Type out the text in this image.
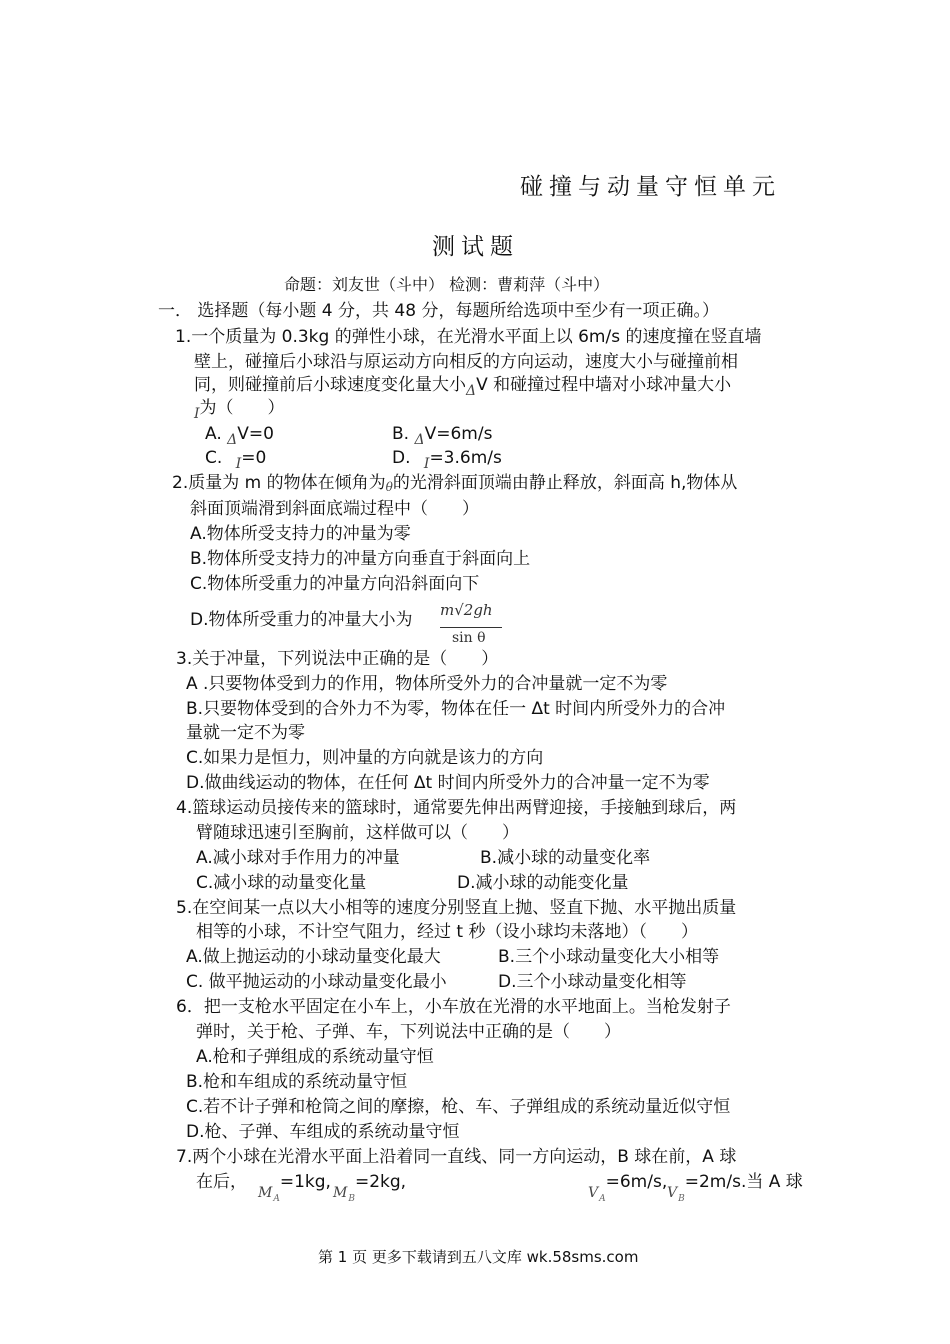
碰撞与动量守恒单元
测试题
命题：刘友世（斗中） 检测：曹莉萍（斗中）
一． 选择题（每小题 4 分，共 48 分，每题所给选项中至少有一项正确。）
1.一个质量为 0.3kg 的弹性小球，在光滑水平面上以 6m/s 的速度撞在竖直墙
壁上，碰撞后小球沿与原运动方向相反的方向运动，速度大小与碰撞前相
同，则碰撞前后小球速度变化量大小$_\Delta$V 和碰撞过程中墙对小球冲量大小
$_I$为（　　）
A. $_\Delta$V=0	B. $_\Delta$V=6m/s
C. $_I$=0	D. $_I$=3.6m/s
2.质量为 m 的物体在倾角为θ的光滑斜面顶端由静止释放，斜面高 h,物体从
斜面顶端滑到斜面底端过程中（　　）
A.物体所受支持力的冲量为零
B.物体所受支持力的冲量方向垂直于斜面向上
C.物体所受重力的冲量方向沿斜面向下
D.物体所受重力的冲量大小为 m√2gh
sin θ
3.关于冲量，下列说法中正确的是（　　）
A .只要物体受到力的作用，物体所受外力的合冲量就一定不为零
B.只要物体受到的合外力不为零，物体在任一 Δt 时间内所受外力的合冲
量就一定不为零
C.如果力是恒力，则冲量的方向就是该力的方向
D.做曲线运动的物体，在任何 Δt 时间内所受外力的合冲量一定不为零
4.篮球运动员接传来的篮球时，通常要先伸出两臂迎接，手接触到球后，两
臂随球迅速引至胸前，这样做可以（　　）
A.减小球对手作用力的冲量	B.减小球的动量变化率
C.减小球的动量变化量	D.减小球的动能变化量
5.在空间某一点以大小相等的速度分别竖直上抛、竖直下抛、水平抛出质量
相等的小球，不计空气阻力，经过 t 秒（设小球均未落地）（　　）
A.做上抛运动的小球动量变化最大	B.三个小球动量变化大小相等
C. 做平抛运动的小球动量变化最小	D.三个小球动量变化相等
6．把一支枪水平固定在小车上，小车放在光滑的水平地面上。当枪发射子
弹时，关于枪、子弹、车，下列说法中正确的是（　　）
A.枪和子弹组成的系统动量守恒
B.枪和车组成的系统动量守恒
C.若不计子弹和枪筒之间的摩擦，枪、车、子弹组成的系统动量近似守恒
D.枪、子弹、车组成的系统动量守恒
7.两个小球在光滑水平面上沿着同一直线、同一方向运动，B 球在前，A 球
在后，
$_{MA}$=1kg,
$_{MB}$=2kg,
$_{VA}$=6m/s,
$_{VB}$=2m/s.当 A 球
第 1 页 更多下载请到五八文库 wk.58sms.com
